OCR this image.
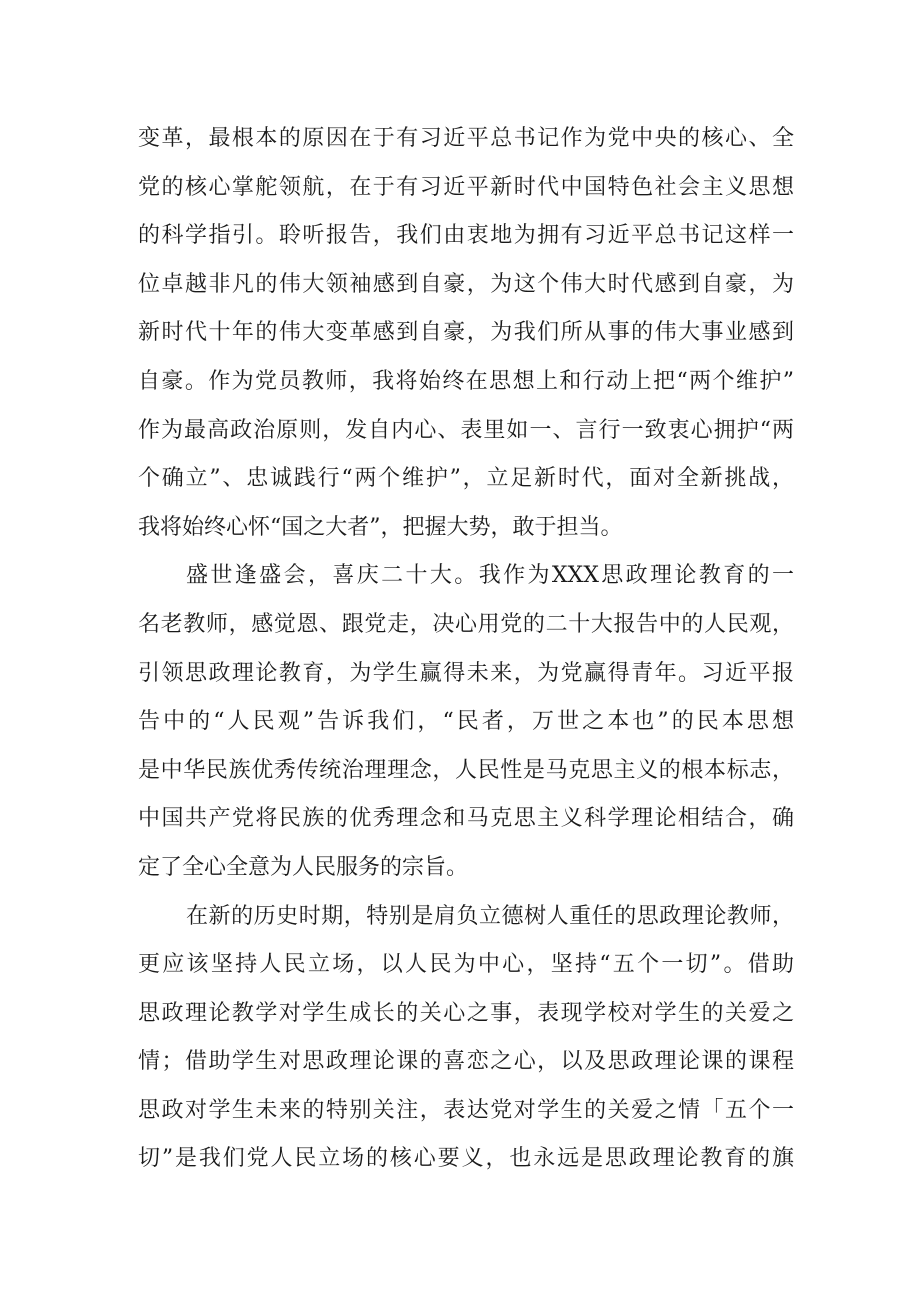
变革，最根本的原因在于有习近平总书记作为党中央的核心、全
党的核心掌舵领航，在于有习近平新时代中国特色社会主义思想
的科学指引。聆听报告，我们由衷地为拥有习近平总书记这样一
位卓越非凡的伟大领袖感到自豪，为这个伟大时代感到自豪，为
新时代十年的伟大变革感到自豪，为我们所从事的伟大事业感到
自豪。作为党员教师，我将始终在思想上和行动上把“两个维护”
作为最高政治原则，发自内心、表里如一、言行一致衷心拥护“两
个确立”、忠诚践行“两个维护”，立足新时代，面对全新挑战，
我将始终心怀“国之大者”，把握大势，敢于担当。
盛世逢盛会，喜庆二十大。我作为XXX思政理论教育的一
名老教师，感觉恩、跟党走，决心用党的二十大报告中的人民观，
引领思政理论教育，为学生赢得未来，为党赢得青年。习近平报
告中的“人民观”告诉我们，“民者，万世之本也”的民本思想
是中华民族优秀传统治理理念，人民性是马克思主义的根本标志，
中国共产党将民族的优秀理念和马克思主义科学理论相结合，确
定了全心全意为人民服务的宗旨。
在新的历史时期，特别是肩负立德树人重任的思政理论教师，
更应该坚持人民立场，以人民为中心，坚持“五个一切”。借助
思政理论教学对学生成长的关心之事，表现学校对学生的关爱之
情；借助学生对思政理论课的喜恋之心，以及思政理论课的课程
思政对学生未来的特别关注，表达党对学生的关爱之情「五个一
切”是我们党人民立场的核心要义，也永远是思政理论教育的旗
